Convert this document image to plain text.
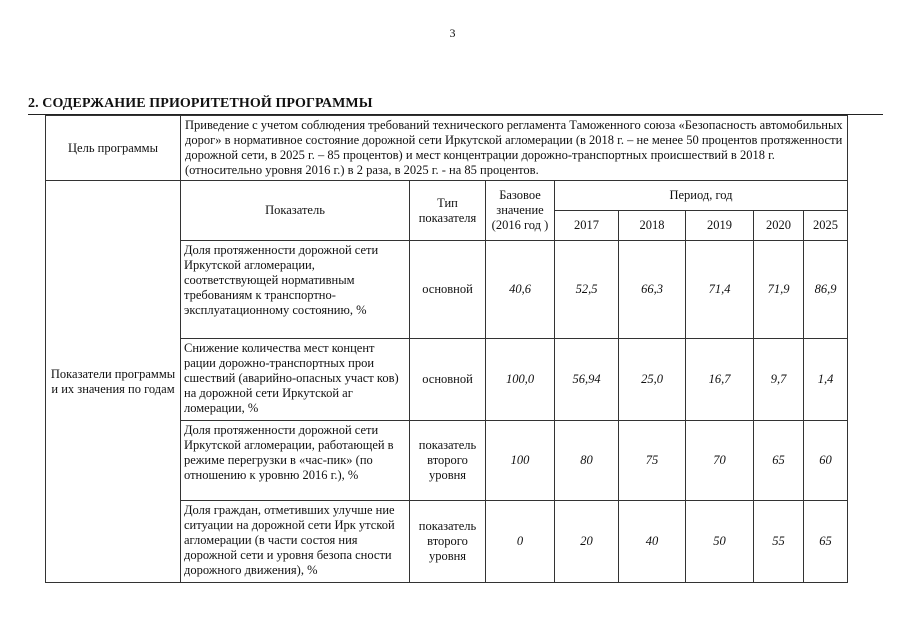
3
2. СОДЕРЖАНИЕ ПРИОРИТЕТНОЙ ПРОГРАММЫ
Цель программы	Приведение с учетом соблюдения требований технического регламента Таможенного союза «Безопасность автомобильных дорог» в нормативное состояние дорожной сети Иркутской агломерации (в 2018 г. – не менее 50 процентов протяженности дорожной сети, в 2025 г. – 85 процентов) и мест концентрации дорожно-транспортных происшествий в 2018 г. (относительно уровня 2016 г.) в 2 раза, в 2025 г. - на 85 процентов.							
Показатели программы и их значения по годам	Показатель	Тип показателя	Базовое значение (2016 год )	Период, год				
				2017	2018	2019	2020	2025
	Доля протяженности дорожной сети Иркутской агломерации, соответствующей нормативным требованиям к транспортно-эксплуатационному состоянию, %	основной	40,6	52,5	66,3	71,4	71,9	86,9
	Снижение количества мест концент рации дорожно-транспортных прои сшествий (аварийно-опасных участ ков) на дорожной сети Иркутской аг ломерации, %	основной	100,0	56,94	25,0	16,7	9,7	1,4
	Доля протяженности дорожной сети Иркутской агломерации, работающей в режиме перегрузки в «час-пик» (по отношению к уровню 2016 г.), %	показатель второго уровня	100	80	75	70	65	60
	Доля граждан, отметивших улучше ние ситуации на дорожной сети Ирк утской агломерации (в части состоя ния дорожной сети и уровня безопа сности дорожного движения), %	показатель второго уровня	0	20	40	50	55	65
